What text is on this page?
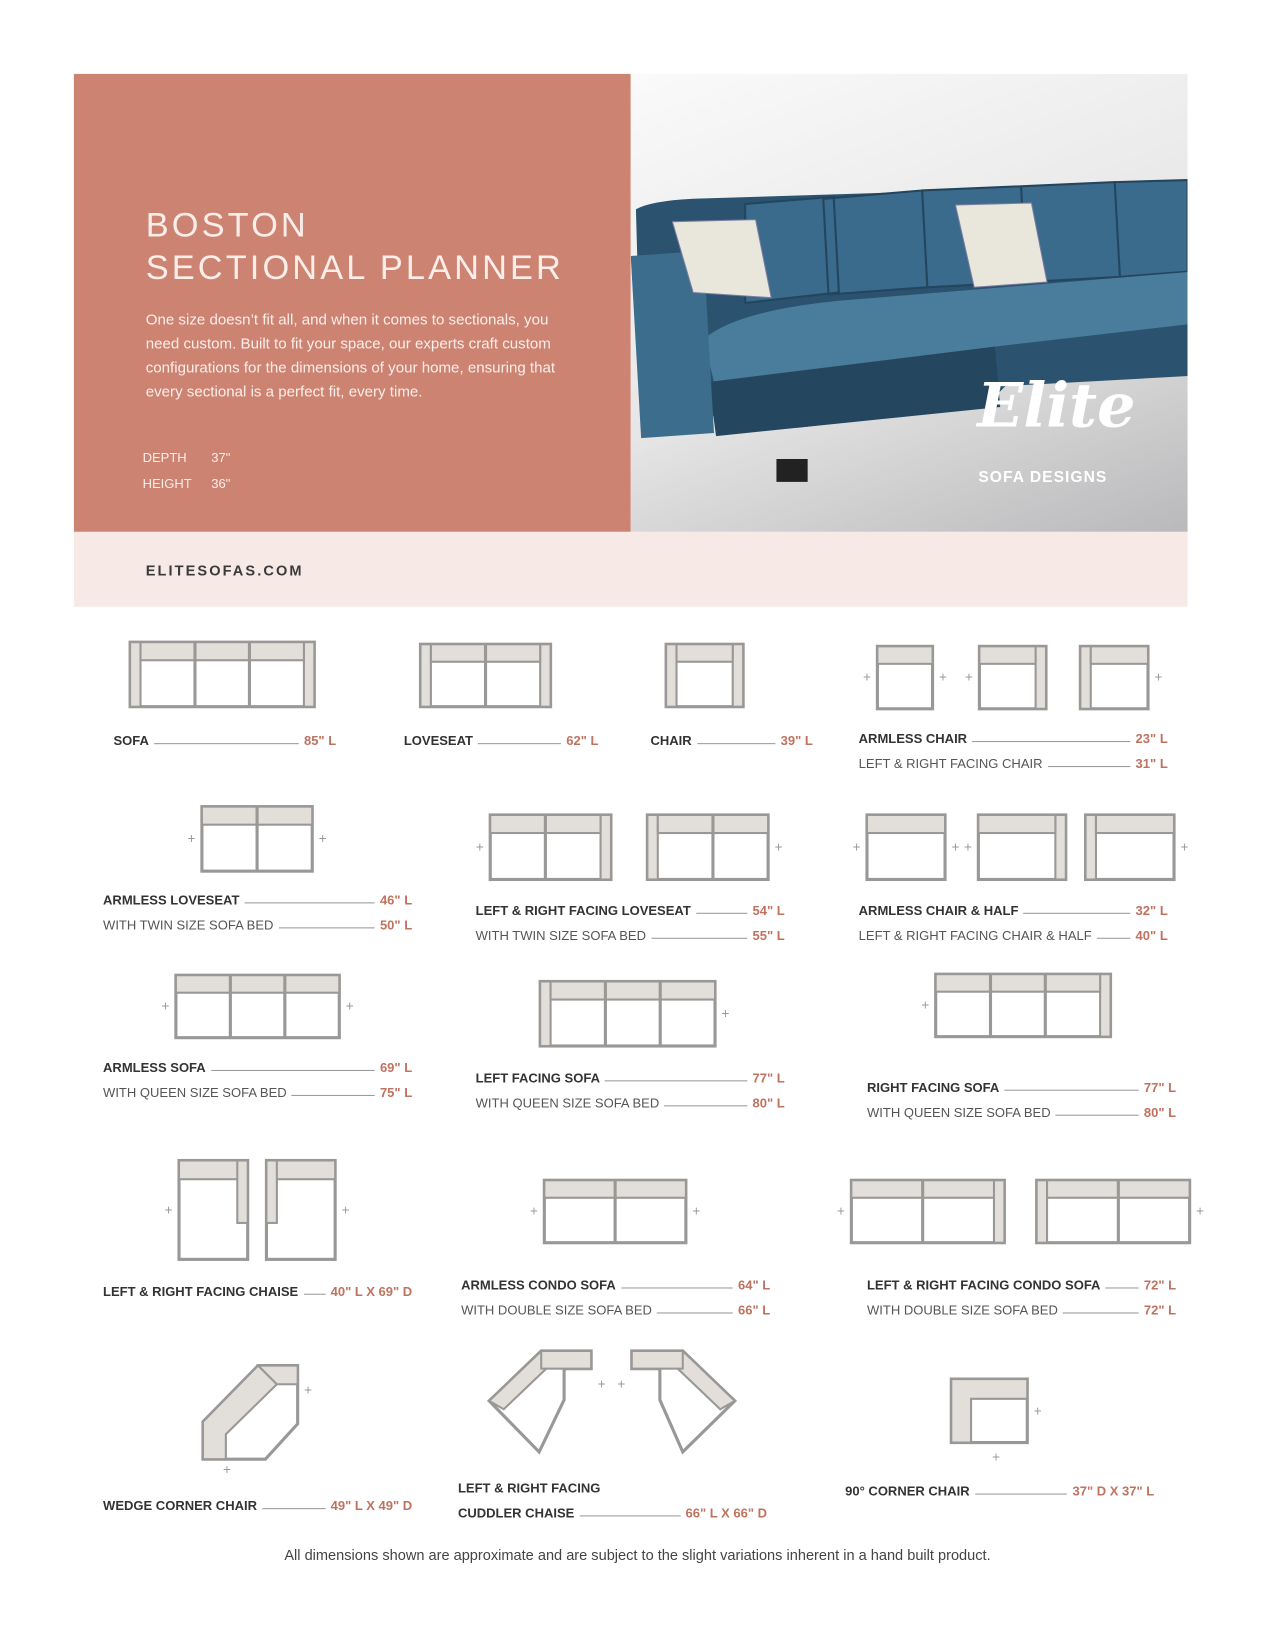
BOSTON
SECTIONAL PLANNER
One size doesn’t fit all, and when it comes to sectionals, you need custom. Built to fit your space, our experts craft custom configurations for the dimensions of your home, ensuring that every sectional is a perfect fit, every time.
DEPTH 37"
HEIGHT 36"
Elite
SOFA DESIGNS
ELITESOFAS.COM
+	+ +	+
+	+
+	+	+	+ +	+
+	+	+
+
+	+	+	+
+	+
+
+
+ +
+
+
SOFA	85" L	LOVESEAT	62" L	CHAIR	39" L	ARMLESS CHAIR	23" L
LEFT & RIGHT FACING CHAIR	31" L
ARMLESS LOVESEAT	46" L
WITH TWIN SIZE SOFA BED	50" L
LEFT & RIGHT FACING LOVESEAT	54" L
WITH TWIN SIZE SOFA BED	55" L
ARMLESS CHAIR & HALF	32" L
LEFT & RIGHT FACING CHAIR & HALF	40" L
ARMLESS SOFA	69" L
WITH QUEEN SIZE SOFA BED	75" L
LEFT FACING SOFA	77" L
WITH QUEEN SIZE SOFA BED	80" L
RIGHT FACING SOFA	77" L
WITH QUEEN SIZE SOFA BED	80" L
LEFT & RIGHT FACING CHAISE	40" L X 69" D	ARMLESS CONDO SOFA	64" L
WITH DOUBLE SIZE SOFA BED	66" L
LEFT & RIGHT FACING CONDO SOFA	72" L
WITH DOUBLE SIZE SOFA BED	72" L
WEDGE CORNER CHAIR	49" L X 49" D
LEFT & RIGHT FACING
CUDDLER CHAISE	66" L X 66" D
90° CORNER CHAIR	37" D X 37" L
All dimensions shown are approximate and are subject to the slight variations inherent in a hand built product.
